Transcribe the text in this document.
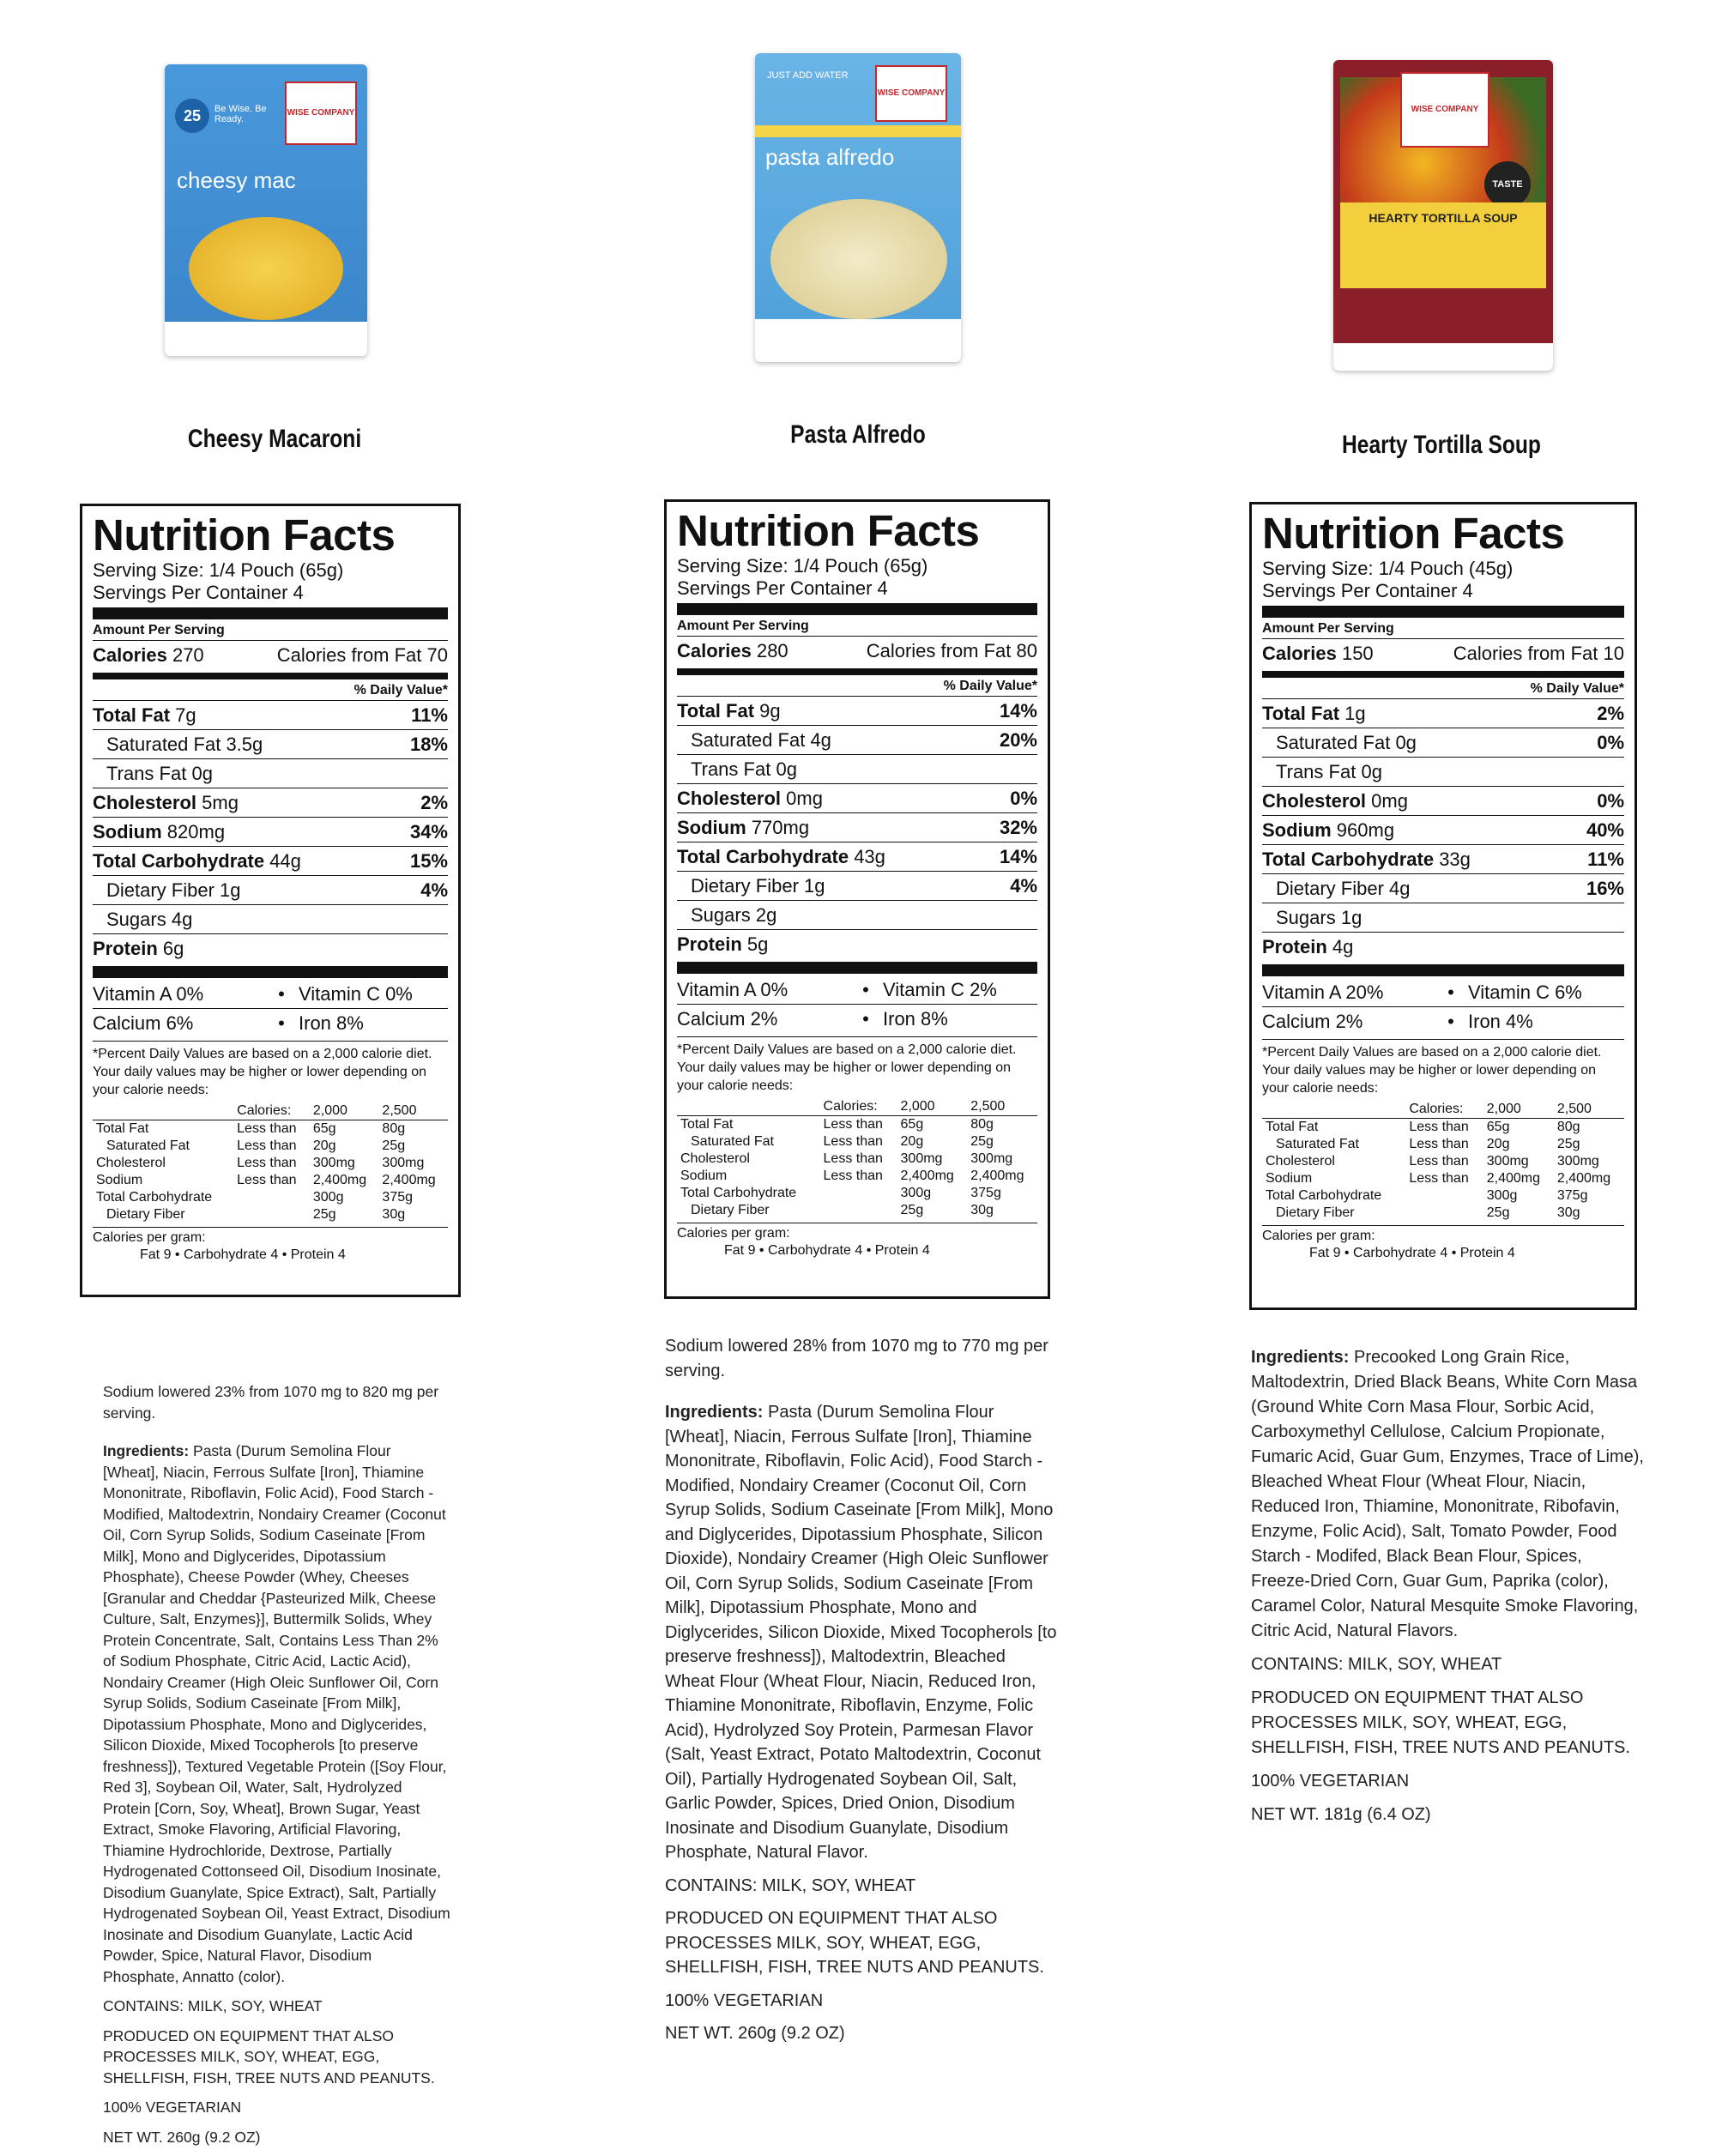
25	Be Wise. Be Ready.
WISE COMPANY
cheesy mac
Cheesy Macaroni
Nutrition Facts
Serving Size: 1/4 Pouch (65g)
Servings Per Container 4
Amount Per Serving
Calories 270	Calories from Fat 70
% Daily Value*
Total Fat 7g	11%
Saturated Fat 3.5g	18%
Trans Fat 0g
Cholesterol 5mg	2%
Sodium 820mg	34%
Total Carbohydrate 44g	15%
Dietary Fiber 1g	4%
Sugars 4g
Protein 6g
Vitamin A 0%	• Vitamin C 0%
Calcium 6%	• Iron 8%
*Percent Daily Values are based on a 2,000 calorie diet. Your daily values may be higher or lower depending on your calorie needs:
	Calories:	2,000	2,500
Total Fat	Less than	65g	80g
Saturated Fat	Less than	20g	25g
Cholesterol	Less than	300mg	300mg
Sodium	Less than	2,400mg	2,400mg
Total Carbohydrate		300g	375g
Dietary Fiber		25g	30g
Calories per gram:
Fat 9 • Carbohydrate 4 • Protein 4

Sodium lowered 23% from 1070 mg to 820 mg per serving.

Ingredients: Pasta (Durum Semolina Flour [Wheat], Niacin, Ferrous Sulfate [Iron], Thiamine Mononitrate, Riboflavin, Folic Acid), Food Starch - Modified, Maltodextrin, Nondairy Creamer (Coconut Oil, Corn Syrup Solids, Sodium Caseinate [From Milk], Mono and Diglycerides, Dipotassium Phosphate), Cheese Powder (Whey, Cheeses [Granular and Cheddar {Pasteurized Milk, Cheese Culture, Salt, Enzymes}], Buttermilk Solids, Whey Protein Concentrate, Salt, Contains Less Than 2% of Sodium Phosphate, Citric Acid, Lactic Acid), Nondairy Creamer (High Oleic Sunflower Oil, Corn Syrup Solids, Sodium Caseinate [From Milk], Dipotassium Phosphate, Mono and Diglycerides, Silicon Dioxide, Mixed Tocopherols [to preserve freshness]), Textured Vegetable Protein ([Soy Flour, Red 3], Soybean Oil, Water, Salt, Hydrolyzed Protein [Corn, Soy, Wheat], Brown Sugar, Yeast Extract, Smoke Flavoring, Artificial Flavoring, Thiamine Hydrochloride, Dextrose, Partially Hydrogenated Cottonseed Oil, Disodium Inosinate, Disodium Guanylate, Spice Extract), Salt, Partially Hydrogenated Soybean Oil, Yeast Extract, Disodium Inosinate and Disodium Guanylate, Lactic Acid Powder, Spice, Natural Flavor, Disodium Phosphate, Annatto (color).

CONTAINS: MILK, SOY, WHEAT

PRODUCED ON EQUIPMENT THAT ALSO PROCESSES MILK, SOY, WHEAT, EGG, SHELLFISH, FISH, TREE NUTS AND PEANUTS.

100% VEGETARIAN

NET WT. 260g (9.2 OZ)

JUST ADD WATER
WISE COMPANY
pasta alfredo
Pasta Alfredo
Nutrition Facts
Serving Size: 1/4 Pouch (65g)
Servings Per Container 4
Amount Per Serving
Calories 280	Calories from Fat 80
% Daily Value*
Total Fat 9g	14%
Saturated Fat 4g	20%
Trans Fat 0g
Cholesterol 0mg	0%
Sodium 770mg	32%
Total Carbohydrate 43g	14%
Dietary Fiber 1g	4%
Sugars 2g
Protein 5g
Vitamin A 0%	• Vitamin C 2%
Calcium 2%	• Iron 8%
*Percent Daily Values are based on a 2,000 calorie diet. Your daily values may be higher or lower depending on your calorie needs:
	Calories:	2,000	2,500
Total Fat	Less than	65g	80g
Saturated Fat	Less than	20g	25g
Cholesterol	Less than	300mg	300mg
Sodium	Less than	2,400mg	2,400mg
Total Carbohydrate		300g	375g
Dietary Fiber		25g	30g
Calories per gram:
Fat 9 • Carbohydrate 4 • Protein 4

Sodium lowered 28% from 1070 mg to 770 mg per serving.

Ingredients: Pasta (Durum Semolina Flour [Wheat], Niacin, Ferrous Sulfate [Iron], Thiamine Mononitrate, Riboflavin, Folic Acid), Food Starch - Modified, Nondairy Creamer (Coconut Oil, Corn Syrup Solids, Sodium Caseinate [From Milk], Mono and Diglycerides, Dipotassium Phosphate, Silicon Dioxide), Nondairy Creamer (High Oleic Sunflower Oil, Corn Syrup Solids, Sodium Caseinate [From Milk], Dipotassium Phosphate, Mono and Diglycerides, Silicon Dioxide, Mixed Tocopherols [to preserve freshness]), Maltodextrin, Bleached Wheat Flour (Wheat Flour, Niacin, Reduced Iron, Thiamine Mononitrate, Riboflavin, Enzyme, Folic Acid), Hydrolyzed Soy Protein, Parmesan Flavor (Salt, Yeast Extract, Potato Maltodextrin, Coconut Oil), Partially Hydrogenated Soybean Oil, Salt, Garlic Powder, Spices, Dried Onion, Disodium Inosinate and Disodium Guanylate, Disodium Phosphate, Natural Flavor.

CONTAINS: MILK, SOY, WHEAT

PRODUCED ON EQUIPMENT THAT ALSO PROCESSES MILK, SOY, WHEAT, EGG, SHELLFISH, FISH, TREE NUTS AND PEANUTS.

100% VEGETARIAN

NET WT. 260g (9.2 OZ)

WISE COMPANY
TASTE
HEARTY TORTILLA SOUP
Hearty Tortilla Soup
Nutrition Facts
Serving Size: 1/4 Pouch (45g)
Servings Per Container 4
Amount Per Serving
Calories 150	Calories from Fat 10
% Daily Value*
Total Fat 1g	2%
Saturated Fat 0g	0%
Trans Fat 0g
Cholesterol 0mg	0%
Sodium 960mg	40%
Total Carbohydrate 33g	11%
Dietary Fiber 4g	16%
Sugars 1g
Protein 4g
Vitamin A 20%	• Vitamin C 6%
Calcium 2%	• Iron 4%
*Percent Daily Values are based on a 2,000 calorie diet. Your daily values may be higher or lower depending on your calorie needs:
	Calories:	2,000	2,500
Total Fat	Less than	65g	80g
Saturated Fat	Less than	20g	25g
Cholesterol	Less than	300mg	300mg
Sodium	Less than	2,400mg	2,400mg
Total Carbohydrate		300g	375g
Dietary Fiber		25g	30g
Calories per gram:
Fat 9 • Carbohydrate 4 • Protein 4

Ingredients: Precooked Long Grain Rice, Maltodextrin, Dried Black Beans, White Corn Masa (Ground White Corn Masa Flour, Sorbic Acid, Carboxymethyl Cellulose, Calcium Propionate, Fumaric Acid, Guar Gum, Enzymes, Trace of Lime), Bleached Wheat Flour (Wheat Flour, Niacin, Reduced Iron, Thiamine, Mononitrate, Ribofavin, Enzyme, Folic Acid), Salt, Tomato Powder, Food Starch - Modifed, Black Bean Flour, Spices, Freeze-Dried Corn, Guar Gum, Paprika (color), Caramel Color, Natural Mesquite Smoke Flavoring, Citric Acid, Natural Flavors.

CONTAINS: MILK, SOY, WHEAT

PRODUCED ON EQUIPMENT THAT ALSO PROCESSES MILK, SOY, WHEAT, EGG, SHELLFISH, FISH, TREE NUTS AND PEANUTS.

100% VEGETARIAN

NET WT. 181g (6.4 OZ)
